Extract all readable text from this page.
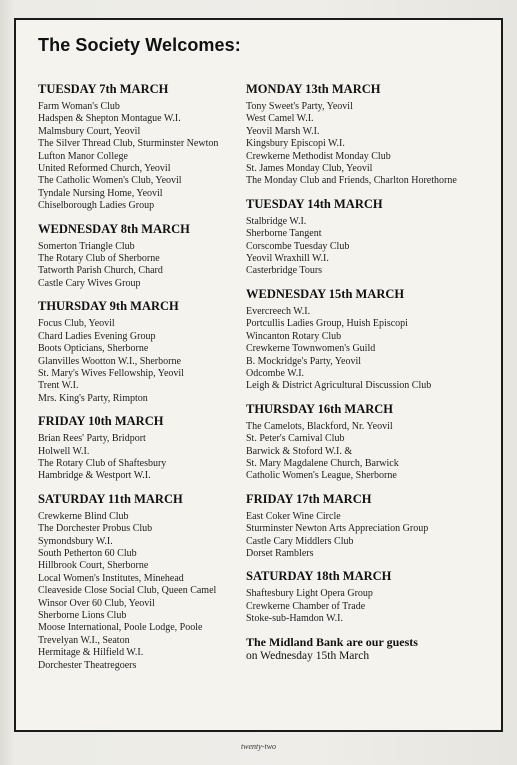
The Society Welcomes:
TUESDAY 7th MARCH
Farm Woman's Club
Hadspen & Shepton Montague W.I.
Malmsbury Court, Yeovil
The Silver Thread Club, Sturminster Newton
Lufton Manor College
United Reformed Church, Yeovil
The Catholic Women's Club, Yeovil
Tyndale Nursing Home, Yeovil
Chiselborough Ladies Group
WEDNESDAY 8th MARCH
Somerton Triangle Club
The Rotary Club of Sherborne
Tatworth Parish Church, Chard
Castle Cary Wives Group
THURSDAY 9th MARCH
Focus Club, Yeovil
Chard Ladies Evening Group
Boots Opticians, Sherborne
Glanvilles Wootton W.I., Sherborne
St. Mary's Wives Fellowship, Yeovil
Trent W.I.
Mrs. King's Party, Rimpton
FRIDAY 10th MARCH
Brian Rees' Party, Bridport
Holwell W.I.
The Rotary Club of Shaftesbury
Hambridge & Westport W.I.
SATURDAY 11th MARCH
Crewkerne Blind Club
The Dorchester Probus Club
Symondsbury W.I.
South Petherton 60 Club
Hillbrook Court, Sherborne
Local Women's Institutes, Minehead
Cleaveside Close Social Club, Queen Camel
Winsor Over 60 Club, Yeovil
Sherborne Lions Club
Moose International, Poole Lodge, Poole
Trevelyan W.I., Seaton
Hermitage & Hilfield W.I.
Dorchester Theatregoers
MONDAY 13th MARCH
Tony Sweet's Party, Yeovil
West Camel W.I.
Yeovil Marsh W.I.
Kingsbury Episcopi W.I.
Crewkerne Methodist Monday Club
St. James Monday Club, Yeovil
The Monday Club and Friends, Charlton Horethorne
TUESDAY 14th MARCH
Stalbridge W.I.
Sherborne Tangent
Corscombe Tuesday Club
Yeovil Wraxhill W.I.
Casterbridge Tours
WEDNESDAY 15th MARCH
Evercreech W.I.
Portcullis Ladies Group, Huish Episcopi
Wincanton Rotary Club
Crewkerne Townwomen's Guild
B. Mockridge's Party, Yeovil
Odcombe W.I.
Leigh & District Agricultural Discussion Club
THURSDAY 16th MARCH
The Camelots, Blackford, Nr. Yeovil
St. Peter's Carnival Club
Barwick & Stoford W.I. &
St. Mary Magdalene Church, Barwick
Catholic Women's League, Sherborne
FRIDAY 17th MARCH
East Coker Wine Circle
Sturminster Newton Arts Appreciation Group
Castle Cary Middlers Club
Dorset Ramblers
SATURDAY 18th MARCH
Shaftesbury Light Opera Group
Crewkerne Chamber of Trade
Stoke-sub-Hamdon W.I.
The Midland Bank are our guests
on Wednesday 15th March
twenty-two
